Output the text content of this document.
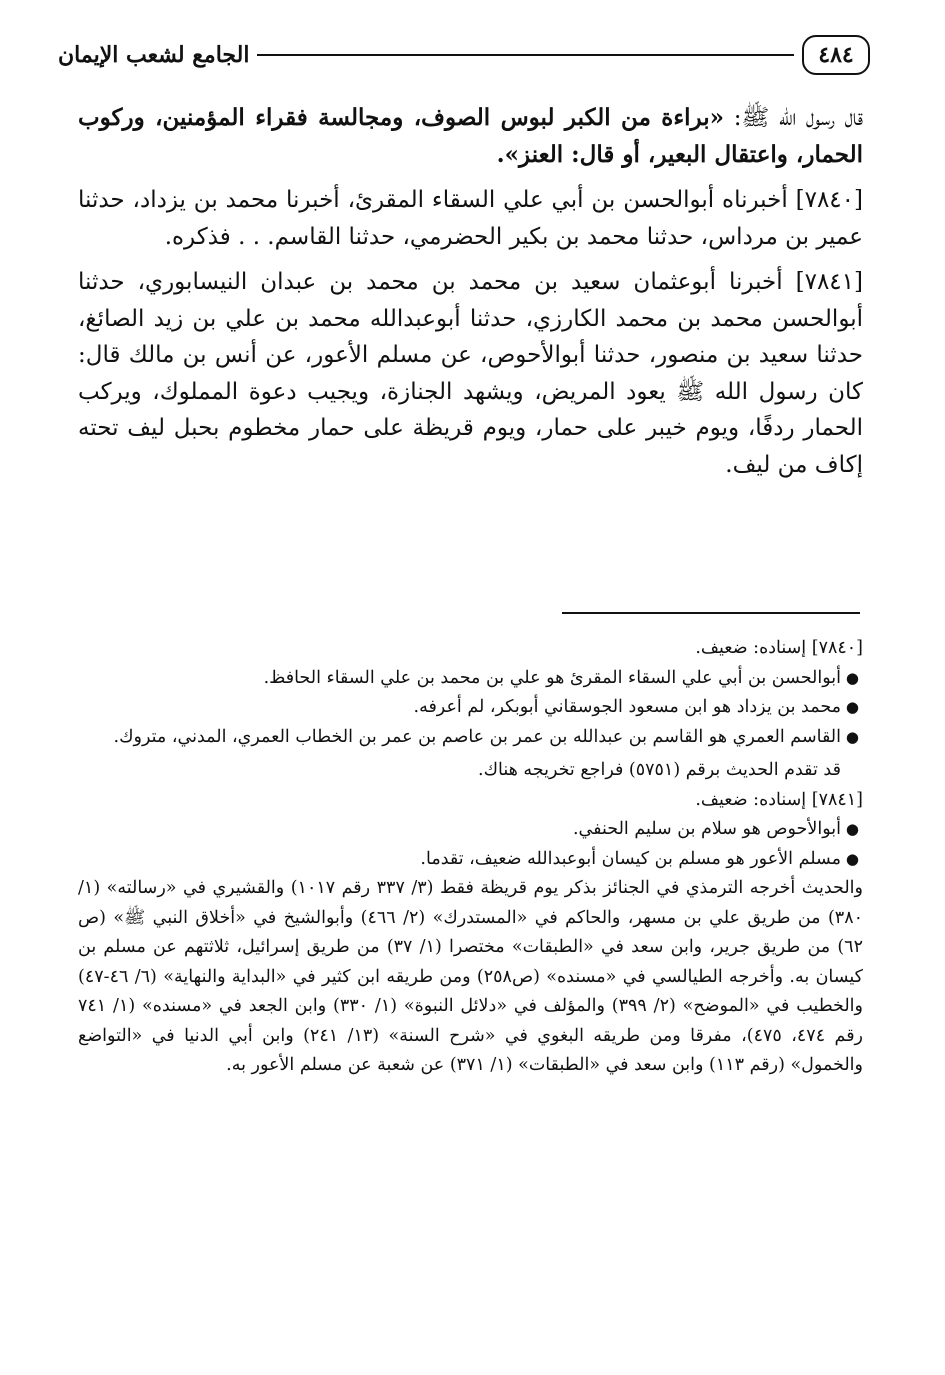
٤٨٤
الجامع لشعب الإيمان

قال رسول الله ﷺ: «براءة من الكبر لبوس الصوف، ومجالسة فقراء المؤمنين، وركوب الحمار، واعتقال البعير، أو قال: العنز».

[٧٨٤٠] أخبرناه أبوالحسن بن أبي علي السقاء المقرئ، أخبرنا محمد بن يزداد، حدثنا عمير بن مرداس، حدثنا محمد بن بكير الحضرمي، حدثنا القاسم. . . فذكره.

[٧٨٤١] أخبرنا أبوعثمان سعيد بن محمد بن محمد بن عبدان النيسابوري، حدثنا أبوالحسن محمد بن محمد الكارزي، حدثنا أبوعبدالله محمد بن علي بن زيد الصائغ، حدثنا سعيد بن منصور، حدثنا أبوالأحوص، عن مسلم الأعور، عن أنس بن مالك قال: كان رسول الله ﷺ يعود المريض، ويشهد الجنازة، ويجيب دعوة المملوك، ويركب الحمار ردفًا، ويوم خيبر على حمار، ويوم قريظة على حمار مخطوم بحبل ليف تحته إكاف من ليف.

[٧٨٤٠] إسناده: ضعيف.

●
أبوالحسن بن أبي علي السقاء المقرئ هو علي بن محمد بن علي السقاء الحافظ.
●
محمد بن يزداد هو ابن مسعود الجوسقاني أبوبكر، لم أعرفه.
●
القاسم العمري هو القاسم بن عبدالله بن عمر بن عاصم بن عمر بن الخطاب العمري، المدني، متروك.

قد تقدم الحديث برقم (٥٧٥١) فراجع تخريجه هناك.

[٧٨٤١] إسناده: ضعيف.

●
أبوالأحوص هو سلام بن سليم الحنفي.
●
مسلم الأعور هو مسلم بن كيسان أبوعبدالله ضعيف، تقدما.

والحديث أخرجه الترمذي في الجنائز بذكر يوم قريظة فقط (٣/ ٣٣٧ رقم ١٠١٧) والقشيري في «رسالته» (١/ ٣٨٠) من طريق علي بن مسهر، والحاكم في «المستدرك» (٢/ ٤٦٦) وأبوالشيخ في «أخلاق النبي ﷺ» (ص ٦٢) من طريق جرير، وابن سعد في «الطبقات» مختصرا (١/ ٣٧) من طريق إسرائيل، ثلاثتهم عن مسلم بن كيسان به. وأخرجه الطيالسي في «مسنده» (ص٢٥٨) ومن طريقه ابن كثير في «البداية والنهاية» (٦/ ٤٦-٤٧) والخطيب في «الموضح» (٢/ ٣٩٩) والمؤلف في «دلائل النبوة» (١/ ٣٣٠) وابن الجعد في «مسنده» (١/ ٧٤١ رقم ٤٧٤، ٤٧٥)، مفرقا ومن طريقه البغوي في «شرح السنة» (١٣/ ٢٤١) وابن أبي الدنيا في «التواضع والخمول» (رقم ١١٣) وابن سعد في «الطبقات» (١/ ٣٧١) عن شعبة عن مسلم الأعور به.
